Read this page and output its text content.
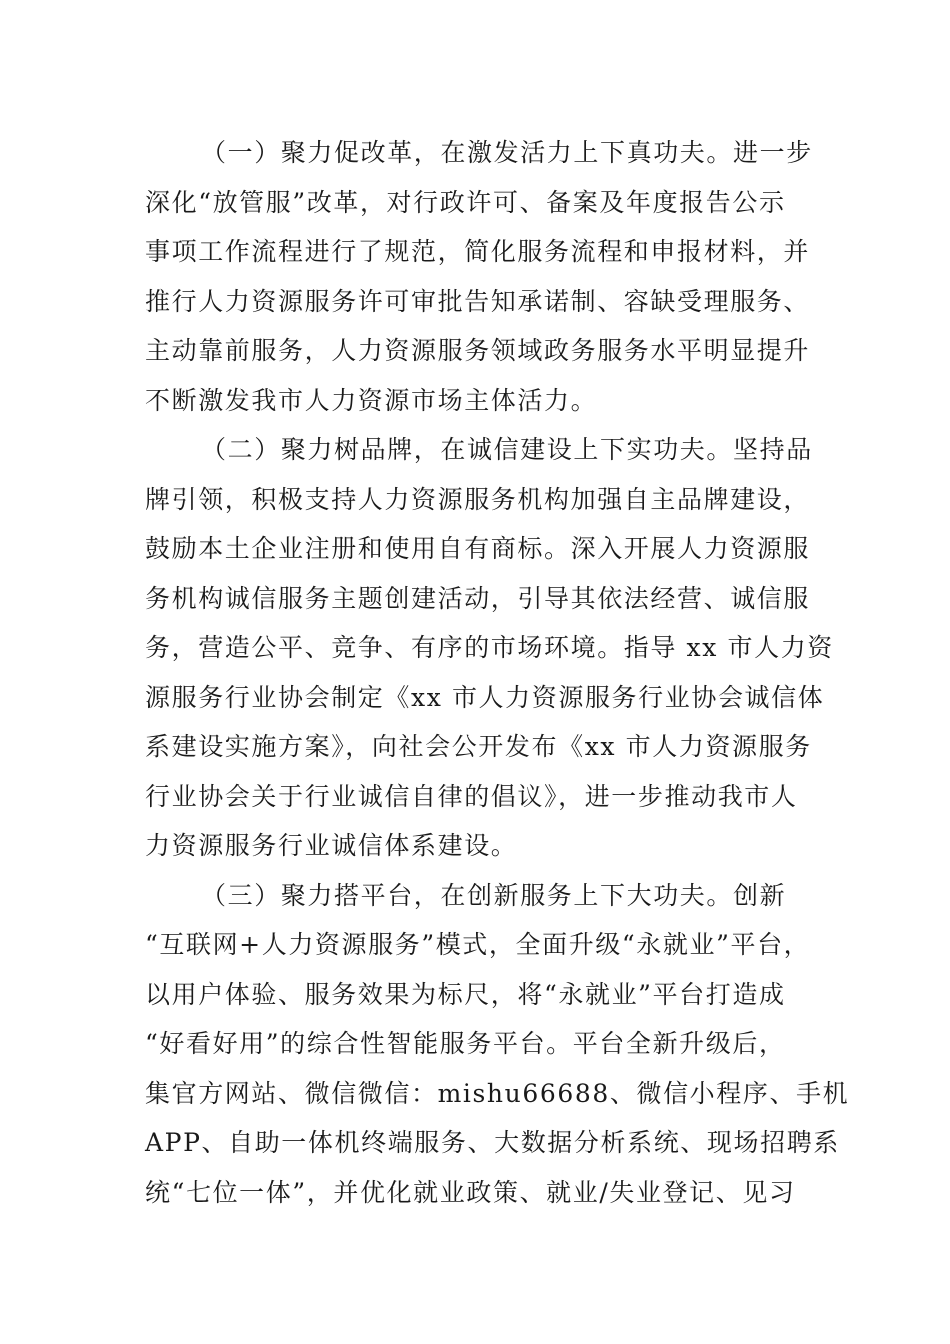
（一）聚力促改革，在激发活力上下真功夫。进一步
深化“放管服”改革，对行政许可、备案及年度报告公示
事项工作流程进行了规范，简化服务流程和申报材料，并
推行人力资源服务许可审批告知承诺制、容缺受理服务、
主动靠前服务，人力资源服务领域政务服务水平明显提升
不断激发我市人力资源市场主体活力。
（二）聚力树品牌，在诚信建设上下实功夫。坚持品
牌引领，积极支持人力资源服务机构加强自主品牌建设，
鼓励本土企业注册和使用自有商标。深入开展人力资源服
务机构诚信服务主题创建活动，引导其依法经营、诚信服
务，营造公平、竞争、有序的市场环境。指导 xx 市人力资
源服务行业协会制定《xx 市人力资源服务行业协会诚信体
系建设实施方案》，向社会公开发布《xx 市人力资源服务
行业协会关于行业诚信自律的倡议》，进一步推动我市人
力资源服务行业诚信体系建设。
（三）聚力搭平台，在创新服务上下大功夫。创新
“互联网+人力资源服务”模式，全面升级“永就业”平台，
以用户体验、服务效果为标尺，将“永就业”平台打造成
“好看好用”的综合性智能服务平台。平台全新升级后，
集官方网站、微信微信：mishu66688、微信小程序、手机
APP、自助一体机终端服务、大数据分析系统、现场招聘系
统“七位一体”，并优化就业政策、就业/失业登记、见习
